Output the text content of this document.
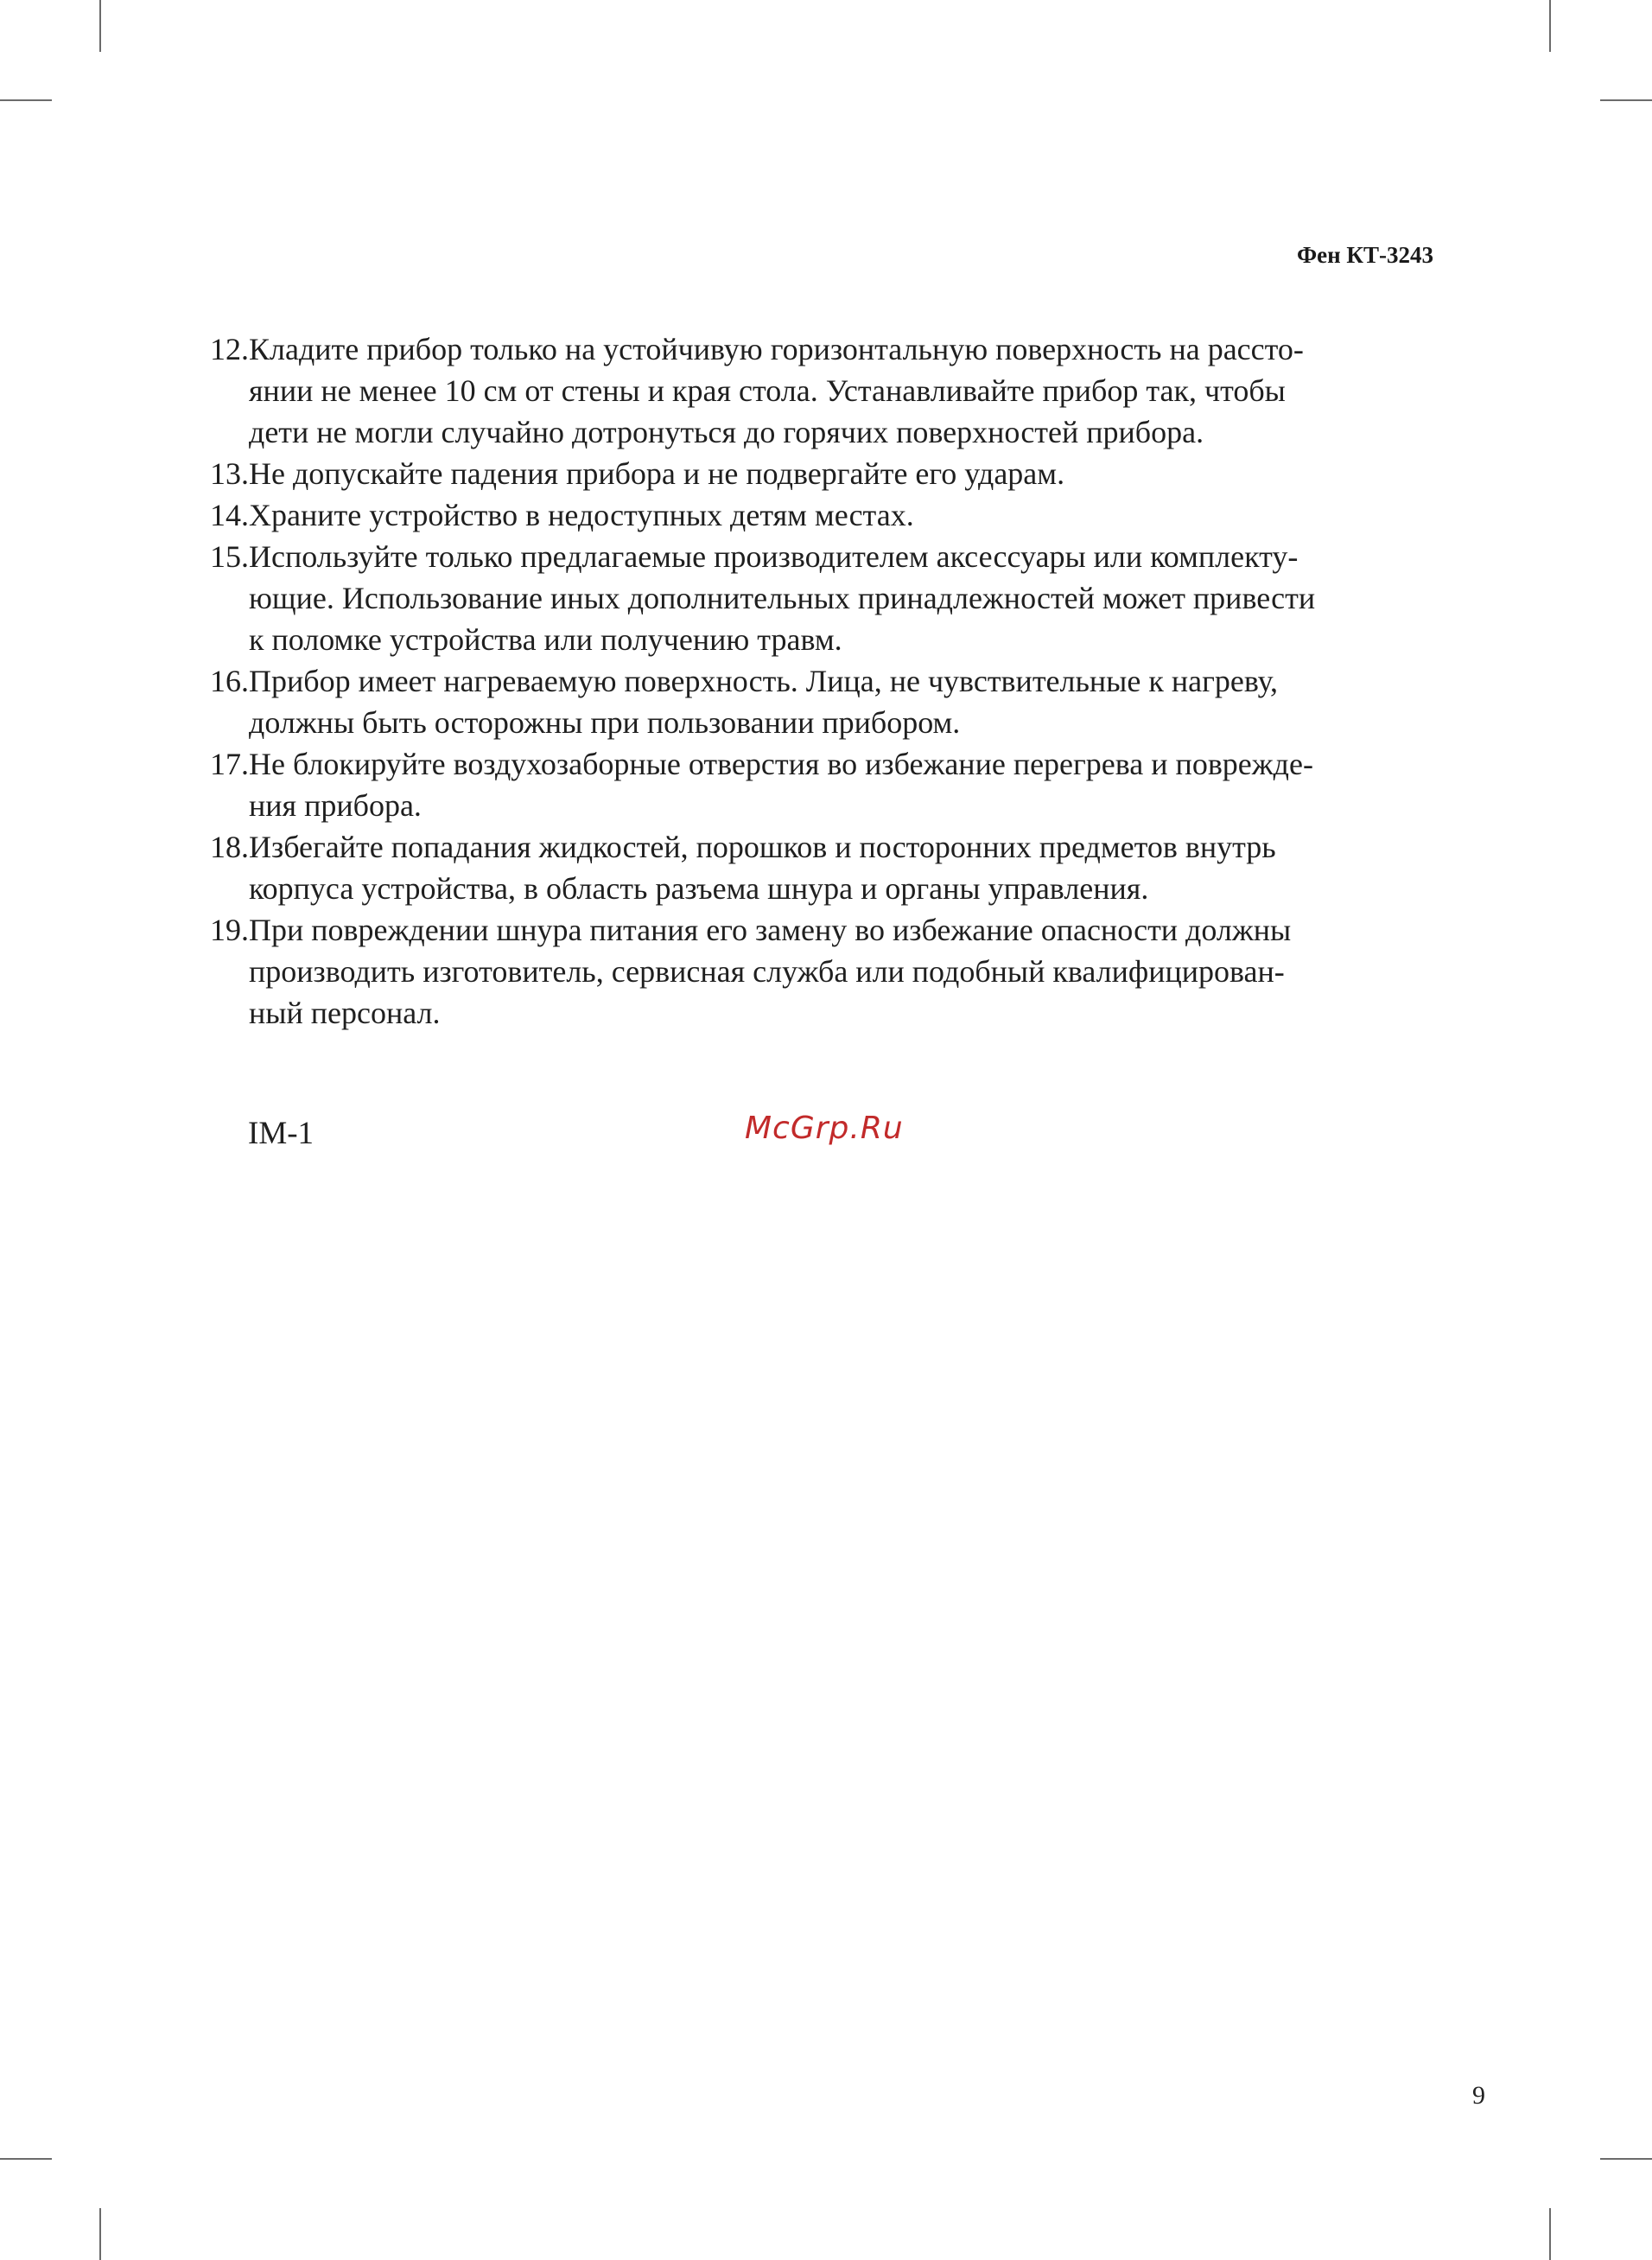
Фен КТ-3243
12. Кладите прибор только на устойчивую горизонтальную поверхность на рассто-
янии не менее 10 см от стены и края стола. Устанавливайте прибор так, чтобы
дети не могли случайно дотронуться до горячих поверхностей прибора.
13. Не допускайте падения прибора и не подвергайте его ударам.
14. Храните устройство в недоступных детям местах.
15. Используйте только предлагаемые производителем аксессуары или комплекту-
ющие. Использование иных дополнительных принадлежностей может привести
к поломке устройства или получению травм.
16. Прибор имеет нагреваемую поверхность. Лица, не чувствительные к нагреву,
должны быть осторожны при пользовании прибором.
17. Не блокируйте воздухозаборные отверстия во избежание перегрева и поврежде-
ния прибора.
18. Избегайте попадания жидкостей, порошков и посторонних предметов внутрь
корпуса устройства, в область разъема шнура и органы управления.
19. При повреждении шнура питания его замену во избежание опасности должны
производить изготовитель, сервисная служба или подобный квалифицирован-
ный персонал.
IM-1	McGrp.Ru
9
